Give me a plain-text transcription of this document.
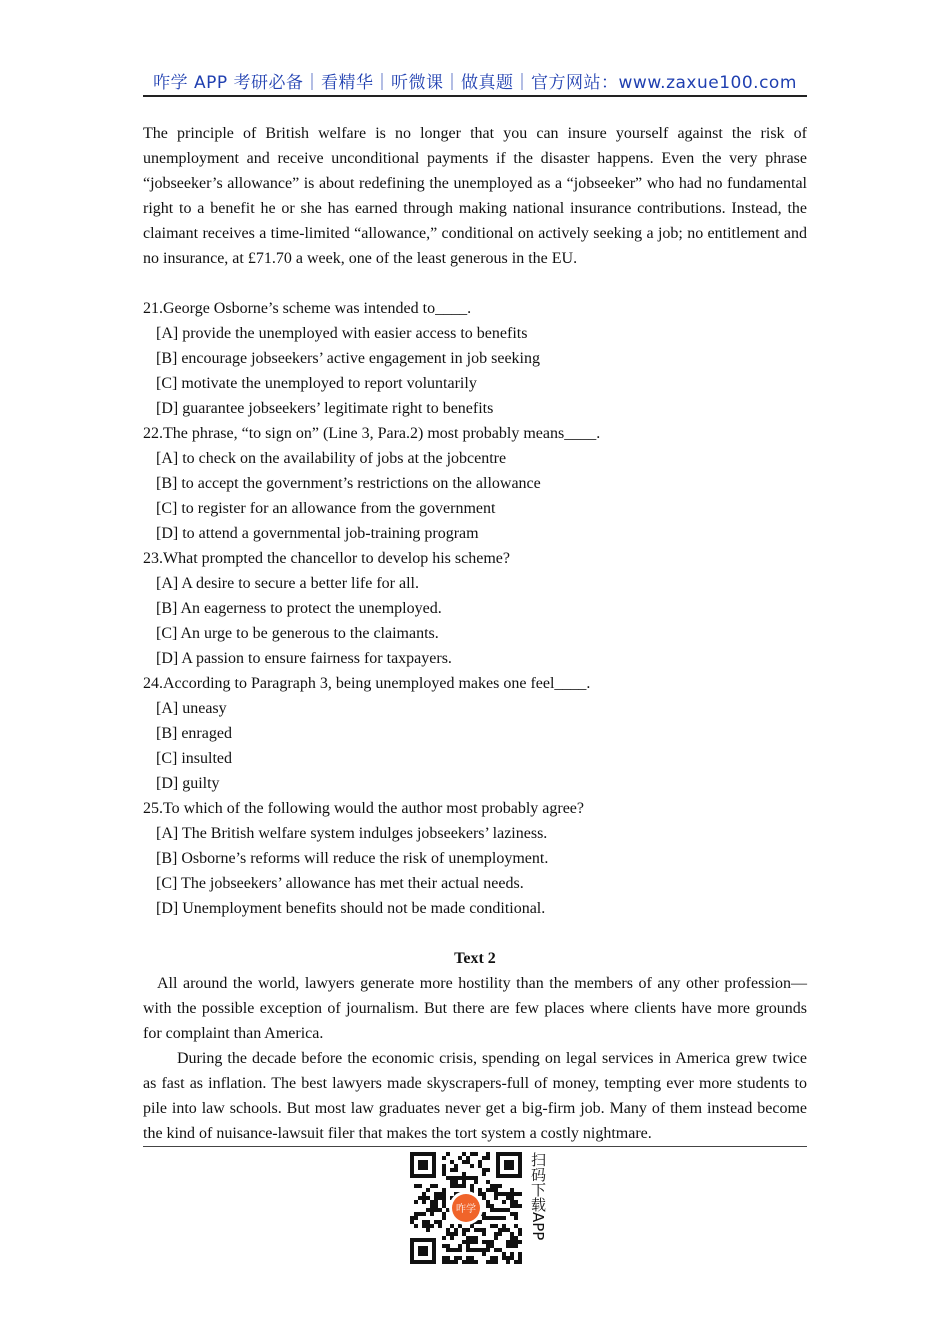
咋学 APP 考研必备｜看精华｜听微课｜做真题｜官方网站：www.zaxue100.com

The principle of British welfare is no longer that you can insure yourself against the risk of unemployment and receive unconditional payments if the disaster happens. Even the very phrase “jobseeker’s allowance” is about redefining the unemployed as a “jobseeker” who had no fundamental right to a benefit he or she has earned through making national insurance contributions. Instead, the claimant receives a time-limited “allowance,” conditional on actively seeking a job; no entitlement and no insurance, at £71.70 a week, one of the least generous in the EU.

21.George Osborne’s scheme was intended to____.

[A] provide the unemployed with easier access to benefits

[B] encourage jobseekers’ active engagement in job seeking

[C] motivate the unemployed to report voluntarily

[D] guarantee jobseekers’ legitimate right to benefits

22.The phrase, “to sign on” (Line 3, Para.2) most probably means____.

[A] to check on the availability of jobs at the jobcentre

[B] to accept the government’s restrictions on the allowance

[C] to register for an allowance from the government

[D] to attend a governmental job-training program

23.What prompted the chancellor to develop his scheme?

[A] A desire to secure a better life for all.

[B] An eagerness to protect the unemployed.

[C] An urge to be generous to the claimants.

[D] A passion to ensure fairness for taxpayers.

24.According to Paragraph 3, being unemployed makes one feel____.

[A] uneasy

[B] enraged

[C] insulted

[D] guilty

25.To which of the following would the author most probably agree?

[A] The British welfare system indulges jobseekers’ laziness.

[B] Osborne’s reforms will reduce the risk of unemployment.

[C] The jobseekers’ allowance has met their actual needs.

[D] Unemployment benefits should not be made conditional.

Text 2

All around the world, lawyers generate more hostility than the members of any other profession—with the possible exception of journalism. But there are few places where clients have more grounds for complaint than America.

During the decade before the economic crisis, spending on legal services in America grew twice as fast as inflation. The best lawyers made skyscrapers-full of money, tempting ever more students to pile into law schools. But most law graduates never get a big-firm job. Many of them instead become the kind of nuisance-lawsuit filer that makes the tort system a costly nightmare.

咋学	扫码下载APP
